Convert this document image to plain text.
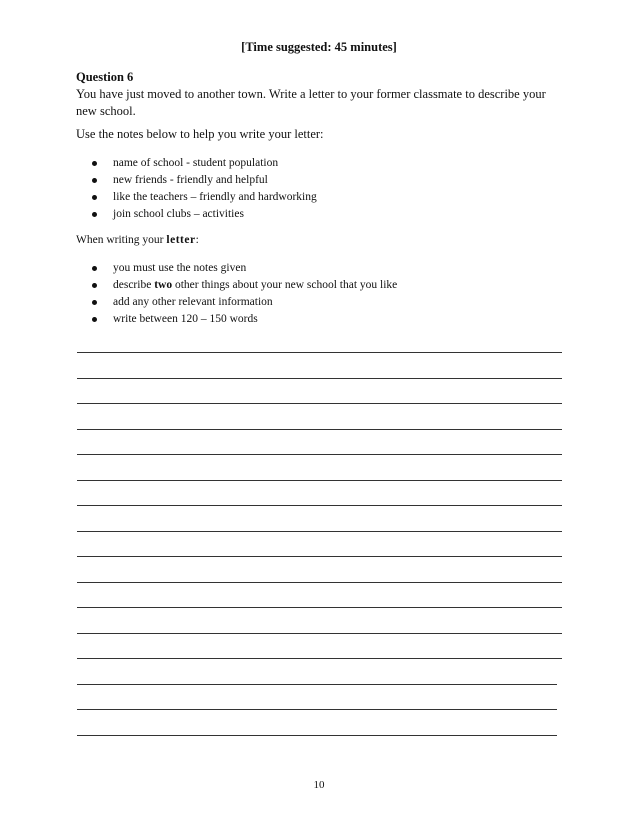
[Time suggested: 45 minutes]
Question 6
You have just moved to another town. Write a letter to your former classmate to describe your new school.
Use the notes below to help you write your letter:
name of school - student population
new friends - friendly and helpful
like the teachers – friendly and hardworking
join school clubs – activities
When writing your letter:
you must use the notes given
describe two other things about your new school that you like
add any other relevant information
write between 120 – 150 words
10
